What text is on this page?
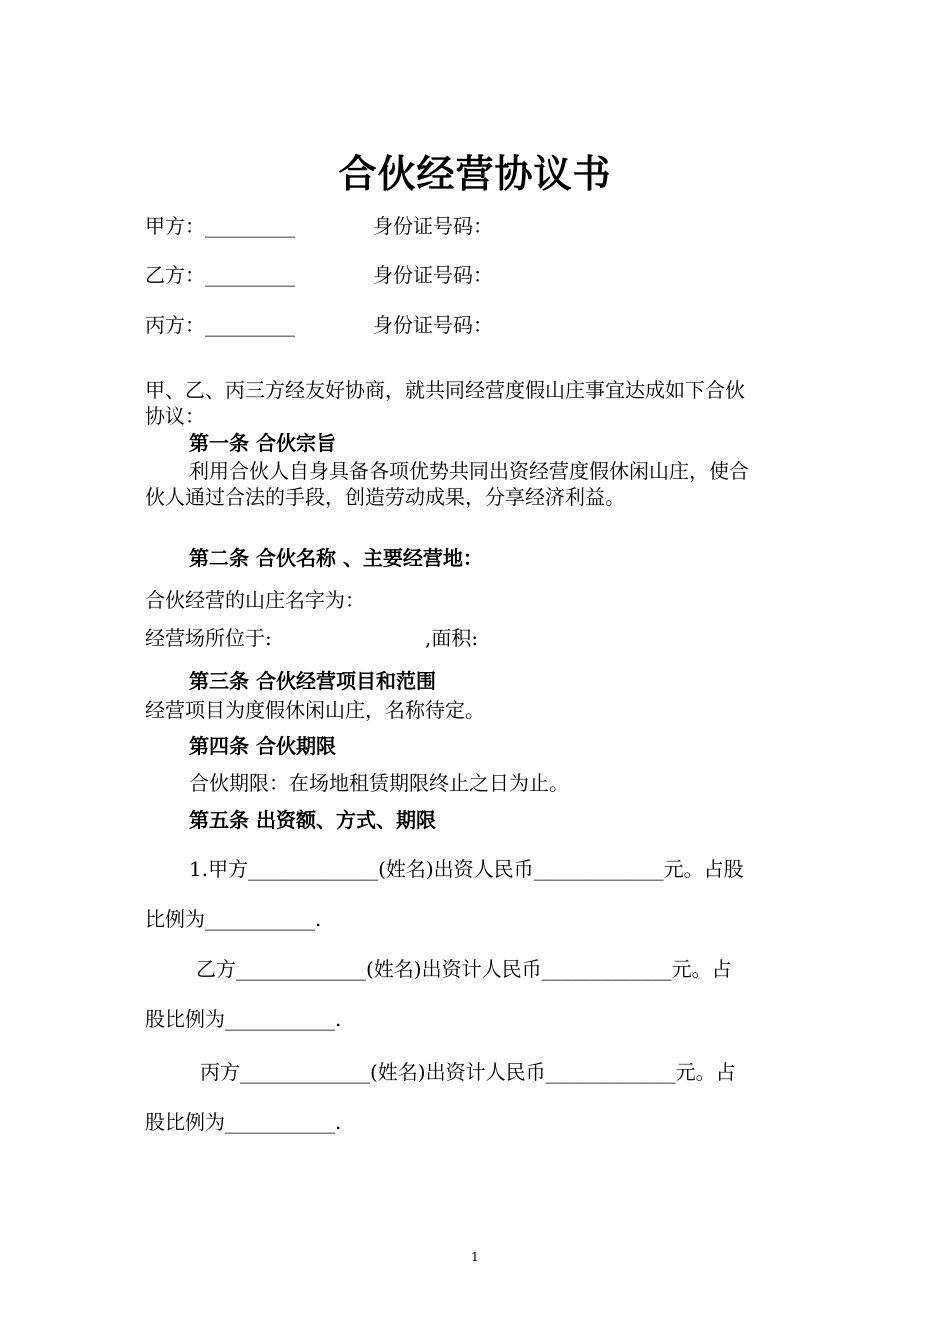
合伙经营协议书
甲方：_________	身份证号码：
乙方：_________	身份证号码：
丙方：_________	身份证号码：
甲、乙、丙三方经友好协商，就共同经营度假山庄事宜达成如下合伙
协议：
第一条 合伙宗旨
利用合伙人自身具备各项优势共同出资经营度假休闲山庄，使合
伙人通过合法的手段，创造劳动成果，分享经济利益。
第二条 合伙名称 、主要经营地：
合伙经营的山庄名字为：
经营场所位于:	,面积:
第三条 合伙经营项目和范围
经营项目为度假休闲山庄，名称待定。
第四条 合伙期限
合伙期限：在场地租赁期限终止之日为止。
第五条 出资额、方式、期限
1.甲方_____________(姓名)出资人民币_____________元。占股
比例为___________.
乙方_____________(姓名)出资计人民币_____________元。占
股比例为___________.
丙方_____________(姓名)出资计人民币_____________元。占
股比例为___________.
1
